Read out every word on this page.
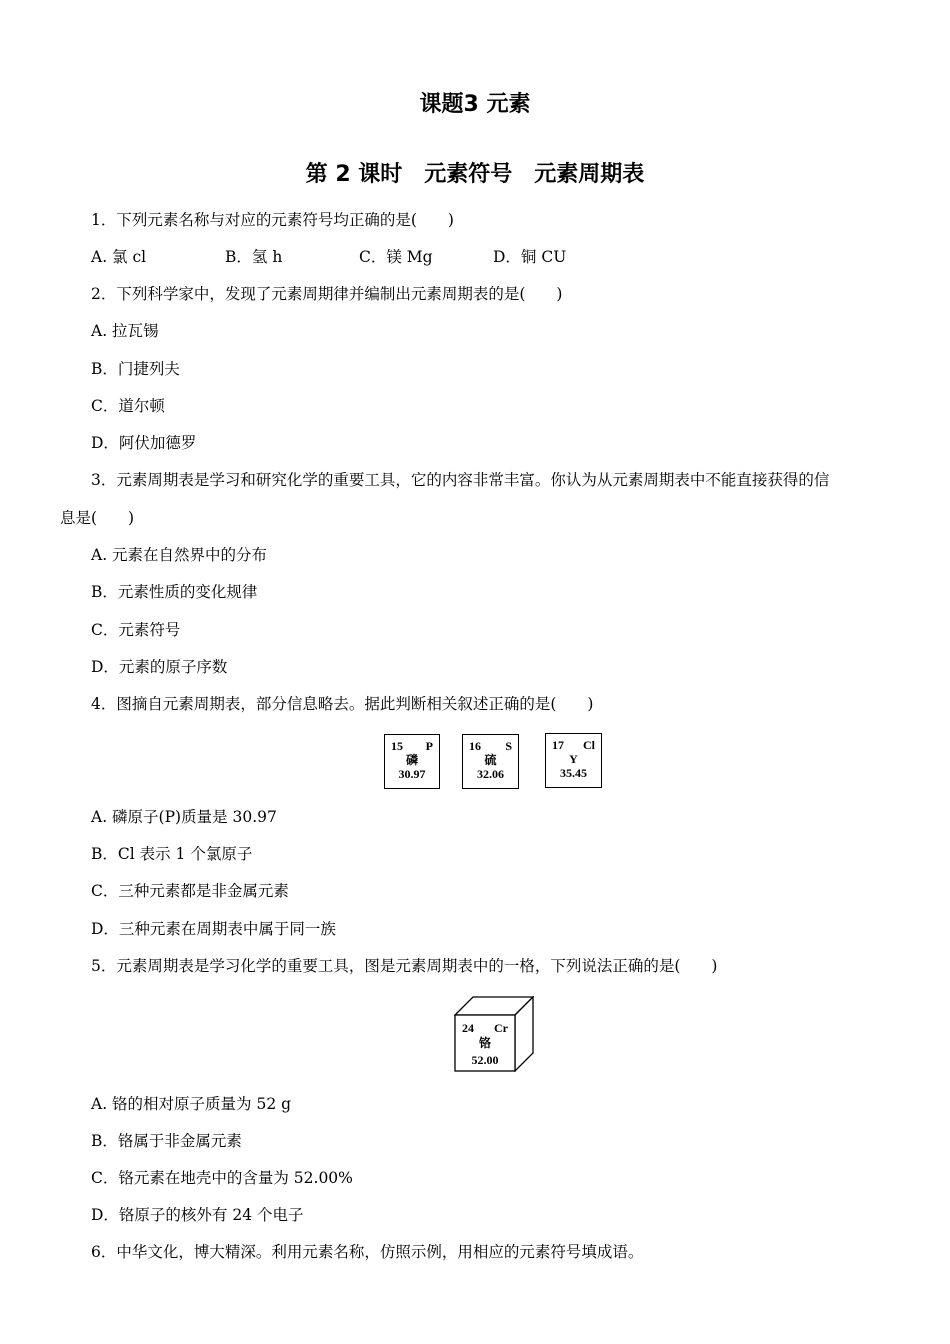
课题3 元素
第 2 课时　元素符号　元素周期表
1．下列元素名称与对应的元素符号均正确的是(　　)
A. 氯 cl	B．氢 h	C．镁 Mg	D．铜 CU
2．下列科学家中，发现了元素周期律并编制出元素周期表的是(　　)
A. 拉瓦锡
B．门捷列夫
C．道尔顿
D．阿伏加德罗
3．元素周期表是学习和研究化学的重要工具，它的内容非常丰富。你认为从元素周期表中不能直接获得的信
息是(　　)
A. 元素在自然界中的分布
B．元素性质的变化规律
C．元素符号
D．元素的原子序数
4．图摘自元素周期表，部分信息略去。据此判断相关叙述正确的是(　　)
15 P
磷
30.97
16 S
硫
32.06
17 Cl
Y
35.45
A. 磷原子(P)质量是 30.97
B．Cl 表示 1 个氯原子
C．三种元素都是非金属元素
D．三种元素在周期表中属于同一族
5．元素周期表是学习化学的重要工具，图是元素周期表中的一格，下列说法正确的是(　　)
24 Cr
铬
52.00
A. 铬的相对原子质量为 52 g
B．铬属于非金属元素
C．铬元素在地壳中的含量为 52.00%
D．铬原子的核外有 24 个电子
6．中华文化，博大精深。利用元素名称，仿照示例，用相应的元素符号填成语。
